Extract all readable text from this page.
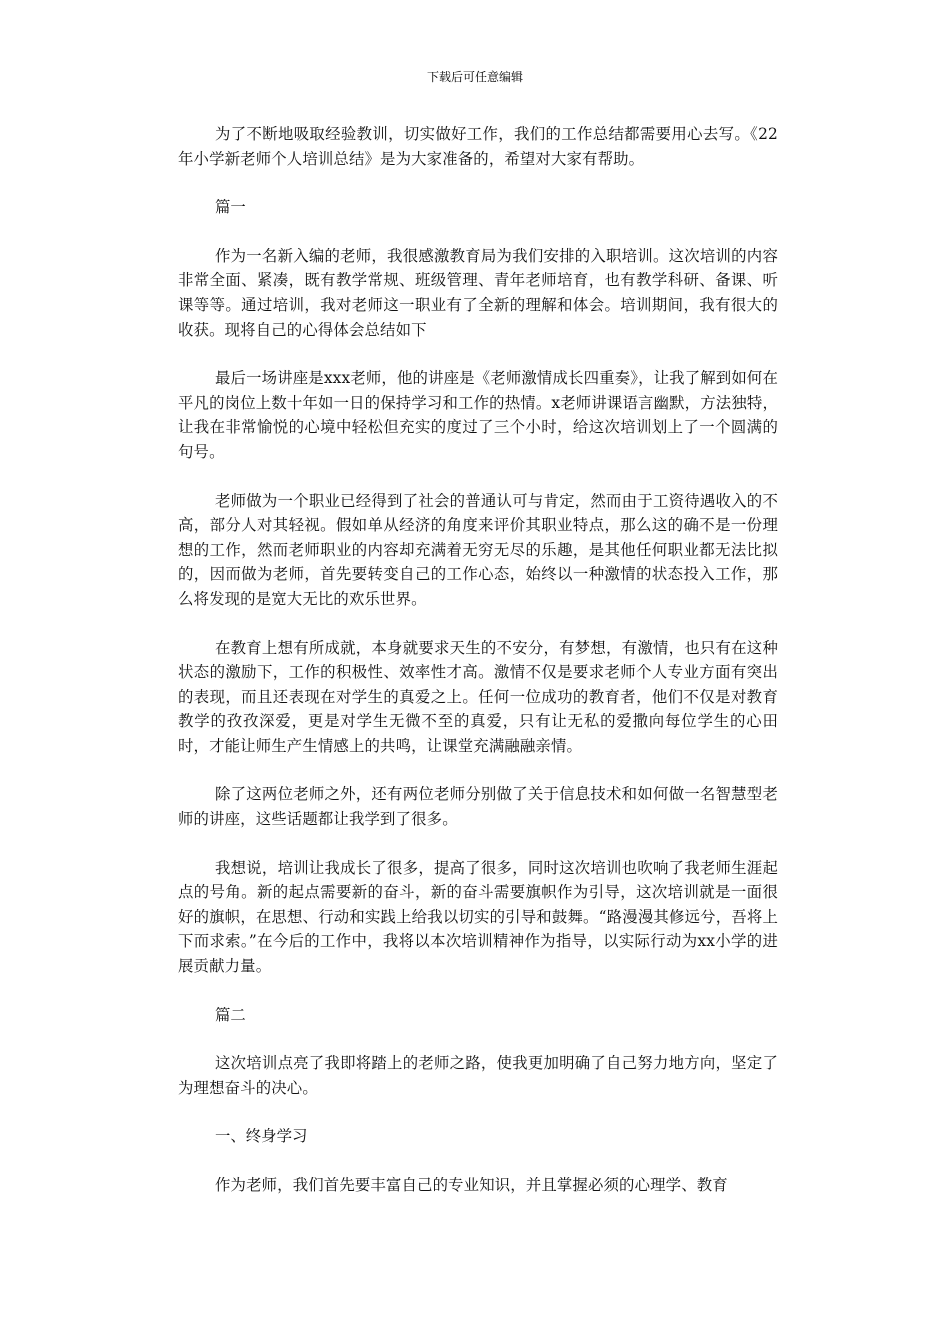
下载后可任意编辑

为了不断地吸取经验教训，切实做好工作，我们的工作总结都需要用心去写。《22年小学新老师个人培训总结》是为大家准备的，希望对大家有帮助。

篇一

作为一名新入编的老师，我很感激教育局为我们安排的入职培训。这次培训的内容非常全面、紧凑，既有教学常规、班级管理、青年老师培育，也有教学科研、备课、听课等等。通过培训，我对老师这一职业有了全新的理解和体会。培训期间，我有很大的收获。现将自己的心得体会总结如下

最后一场讲座是xxx老师，他的讲座是《老师激情成长四重奏》，让我了解到如何在平凡的岗位上数十年如一日的保持学习和工作的热情。x老师讲课语言幽默，方法独特，让我在非常愉悦的心境中轻松但充实的度过了三个小时，给这次培训划上了一个圆满的句号。

老师做为一个职业已经得到了社会的普通认可与肯定，然而由于工资待遇收入的不高，部分人对其轻视。假如单从经济的角度来评价其职业特点，那么这的确不是一份理想的工作，然而老师职业的内容却充满着无穷无尽的乐趣，是其他任何职业都无法比拟的，因而做为老师，首先要转变自己的工作心态，始终以一种激情的状态投入工作，那么将发现的是宽大无比的欢乐世界。

在教育上想有所成就，本身就要求天生的不安分，有梦想，有激情，也只有在这种状态的激励下，工作的积极性、效率性才高。激情不仅是要求老师个人专业方面有突出的表现，而且还表现在对学生的真爱之上。任何一位成功的教育者，他们不仅是对教育教学的孜孜深爱，更是对学生无微不至的真爱，只有让无私的爱撒向每位学生的心田时，才能让师生产生情感上的共鸣，让课堂充满融融亲情。

除了这两位老师之外，还有两位老师分别做了关于信息技术和如何做一名智慧型老师的讲座，这些话题都让我学到了很多。

我想说，培训让我成长了很多，提高了很多，同时这次培训也吹响了我老师生涯起点的号角。新的起点需要新的奋斗，新的奋斗需要旗帜作为引导，这次培训就是一面很好的旗帜，在思想、行动和实践上给我以切实的引导和鼓舞。“路漫漫其修远兮，吾将上下而求索。”在今后的工作中，我将以本次培训精神作为指导，以实际行动为xx小学的进展贡献力量。

篇二

这次培训点亮了我即将踏上的老师之路，使我更加明确了自己努力地方向，坚定了为理想奋斗的决心。

一、终身学习

作为老师，我们首先要丰富自己的专业知识，并且掌握必须的心理学、教育
